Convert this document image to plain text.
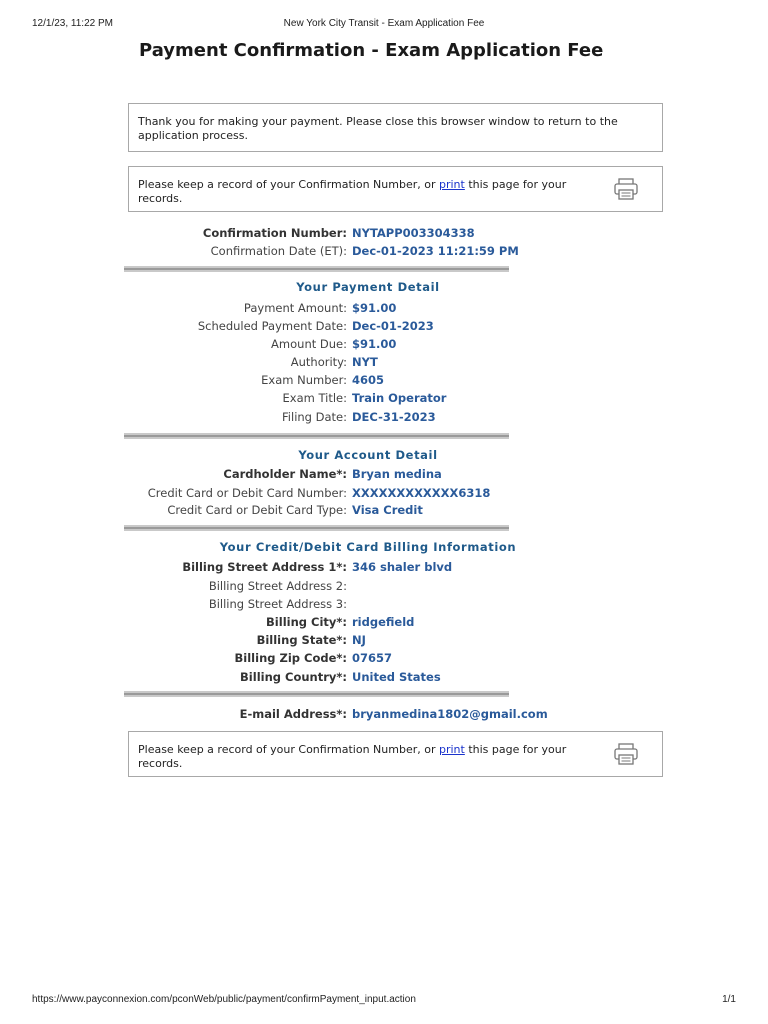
12/1/23, 11:22 PM	New York City Transit - Exam Application Fee
Payment Confirmation - Exam Application Fee
Thank you for making your payment. Please close this browser window to return to the application process.
Please keep a record of your Confirmation Number, or print this page for your records.
Confirmation Number: NYTAPP003304338
Confirmation Date (ET): Dec-01-2023 11:21:59 PM
Your Payment Detail
Payment Amount: $91.00
Scheduled Payment Date: Dec-01-2023
Amount Due: $91.00
Authority: NYT
Exam Number: 4605
Exam Title: Train Operator
Filing Date: DEC-31-2023
Your Account Detail
Cardholder Name*: Bryan medina
Credit Card or Debit Card Number: XXXXXXXXXXXX6318
Credit Card or Debit Card Type: Visa Credit
Your Credit/Debit Card Billing Information
Billing Street Address 1*: 346 shaler blvd
Billing Street Address 2:
Billing Street Address 3:
Billing City*: ridgefield
Billing State*: NJ
Billing Zip Code*: 07657
Billing Country*: United States
E-mail Address*: bryanmedina1802@gmail.com
Please keep a record of your Confirmation Number, or print this page for your records.
https://www.payconnexion.com/pconWeb/public/payment/confirmPayment_input.action	1/1
